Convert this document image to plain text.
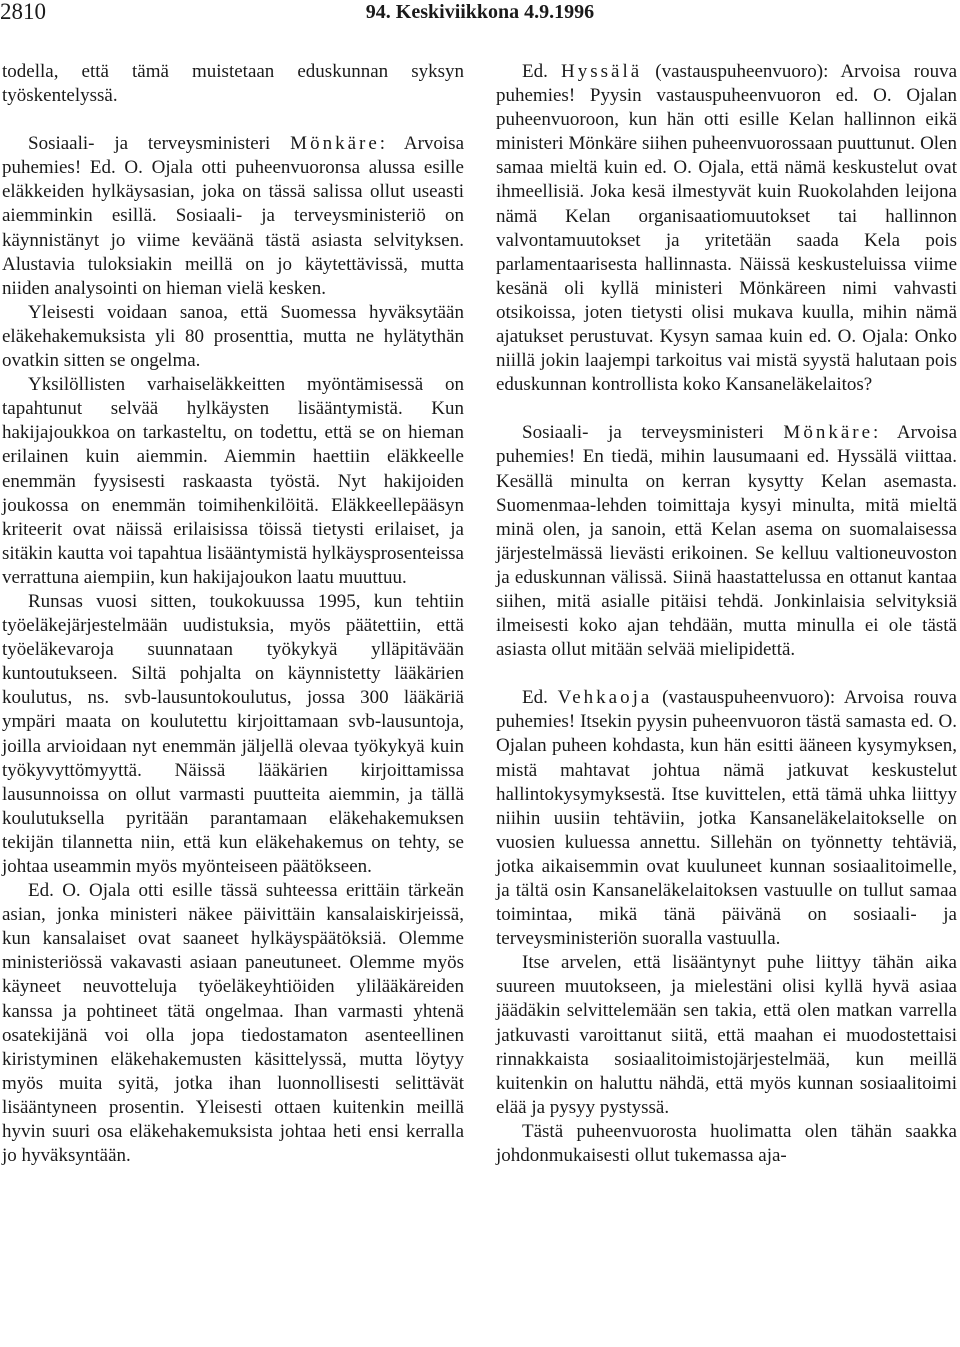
2810	94. Keskiviikkona 4.9.1996

todella, että tämä muistetaan eduskunnan syksyn työskentelyssä.

Sosiaali- ja terveysministeri Mönkäre: Arvoisa puhemies! Ed. O. Ojala otti puheenvuoronsa alussa esille eläkkeiden hylkäysasian, joka on tässä salissa ollut useasti aiemminkin esillä. Sosiaali- ja terveysministeriö on käynnistänyt jo viime keväänä tästä asiasta selvityksen. Alustavia tuloksiakin meillä on jo käytettävissä, mutta niiden analysointi on hieman vielä kesken.

Yleisesti voidaan sanoa, että Suomessa hyväksytään eläkehakemuksista yli 80 prosenttia, mutta ne hylätythän ovatkin sitten se ongelma.

Yksilöllisten varhaiseläkkeitten myöntämisessä on tapahtunut selvää hylkäysten lisääntymistä. Kun hakijajoukkoa on tarkasteltu, on todettu, että se on hieman erilainen kuin aiemmin. Aiemmin haettiin eläkkeelle enemmän fyysisesti raskaasta työstä. Nyt hakijoiden joukossa on enemmän toimihenkilöitä. Eläkkeellepääsyn kriteerit ovat näissä erilaisissa töissä tietysti erilaiset, ja sitäkin kautta voi tapahtua lisääntymistä hylkäysprosenteissa verrattuna aiempiin, kun hakijajoukon laatu muuttuu.

Runsas vuosi sitten, toukokuussa 1995, kun tehtiin työeläkejärjestelmään uudistuksia, myös päätettiin, että työeläkevaroja suunnataan työkykyä ylläpitävään kuntoutukseen. Siltä pohjalta on käynnistetty lääkärien koulutus, ns. svb-lausuntokoulutus, jossa 300 lääkäriä ympäri maata on koulutettu kirjoittamaan svb-lausuntoja, joilla arvioidaan nyt enemmän jäljellä olevaa työkykyä kuin työkyvyttömyyttä. Näissä lääkärien kirjoittamissa lausunnoissa on ollut varmasti puutteita aiemmin, ja tällä koulutuksella pyritään parantamaan eläkehakemuksen tekijän tilannetta niin, että kun eläkehakemus on tehty, se johtaa useammin myös myönteiseen päätökseen.

Ed. O. Ojala otti esille tässä suhteessa erittäin tärkeän asian, jonka ministeri näkee päivittäin kansalaiskirjeissä, kun kansalaiset ovat saaneet hylkäyspäätöksiä. Olemme ministeriössä vakavasti asiaan paneutuneet. Olemme myös käyneet neuvotteluja työeläkeyhtiöiden ylilääkäreiden kanssa ja pohtineet tätä ongelmaa. Ihan varmasti yhtenä osatekijänä voi olla jopa tiedostamaton asenteellinen kiristyminen eläkehakemusten käsittelyssä, mutta löytyy myös muita syitä, jotka ihan luonnollisesti selittävät lisääntyneen prosentin. Yleisesti ottaen kuitenkin meillä hyvin suuri osa eläkehakemuksista johtaa heti ensi kerralla jo hyväksyntään.

Ed. Hyssälä (vastauspuheenvuoro): Arvoisa rouva puhemies! Pyysin vastauspuheenvuoron ed. O. Ojalan puheenvuoroon, kun hän otti esille Kelan hallinnon eikä ministeri Mönkäre siihen puheenvuorossaan puuttunut. Olen samaa mieltä kuin ed. O. Ojala, että nämä keskustelut ovat ihmeellisiä. Joka kesä ilmestyvät kuin Ruokolahden leijona nämä Kelan organisaatiomuutokset tai hallinnon valvontamuutokset ja yritetään saada Kela pois parlamentaarisesta hallinnasta. Näissä keskusteluissa viime kesänä oli kyllä ministeri Mönkäreen nimi vahvasti otsikoissa, joten tietysti olisi mukava kuulla, mihin nämä ajatukset perustuvat. Kysyn samaa kuin ed. O. Ojala: Onko niillä jokin laajempi tarkoitus vai mistä syystä halutaan pois eduskunnan kontrollista koko Kansaneläkelaitos?

Sosiaali- ja terveysministeri Mönkäre: Arvoisa puhemies! En tiedä, mihin lausumaani ed. Hyssälä viittaa. Kesällä minulta on kerran kysytty Kelan asemasta. Suomenmaa-lehden toimittaja kysyi minulta, mitä mieltä minä olen, ja sanoin, että Kelan asema on suomalaisessa järjestelmässä lievästi erikoinen. Se kelluu valtioneuvoston ja eduskunnan välissä. Siinä haastattelussa en ottanut kantaa siihen, mitä asialle pitäisi tehdä. Jonkinlaisia selvityksiä ilmeisesti koko ajan tehdään, mutta minulla ei ole tästä asiasta ollut mitään selvää mielipidettä.

Ed. Vehkaoja (vastauspuheenvuoro): Arvoisa rouva puhemies! Itsekin pyysin puheenvuoron tästä samasta ed. O. Ojalan puheen kohdasta, kun hän esitti ääneen kysymyksen, mistä mahtavat johtua nämä jatkuvat keskustelut hallintokysymyksestä. Itse kuvittelen, että tämä uhka liittyy niihin uusiin tehtäviin, jotka Kansaneläkelaitokselle on vuosien kuluessa annettu. Sillehän on työnnetty tehtäviä, jotka aikaisemmin ovat kuuluneet kunnan sosiaalitoimelle, ja tältä osin Kansaneläkelaitoksen vastuulle on tullut samaa toimintaa, mikä tänä päivänä on sosiaali- ja terveysministeriön suoralla vastuulla.

Itse arvelen, että lisääntynyt puhe liittyy tähän aika suureen muutokseen, ja mielestäni olisi kyllä hyvä asiaa jäädäkin selvittelemään sen takia, että olen matkan varrella jatkuvasti varoittanut siitä, että maahan ei muodostettaisi rinnakkaista sosiaalitoimistojärjestelmää, kun meillä kuitenkin on haluttu nähdä, että myös kunnan sosiaalitoimi elää ja pysyy pystyssä.

Tästä puheenvuorosta huolimatta olen tähän saakka johdonmukaisesti ollut tukemassa aja-
